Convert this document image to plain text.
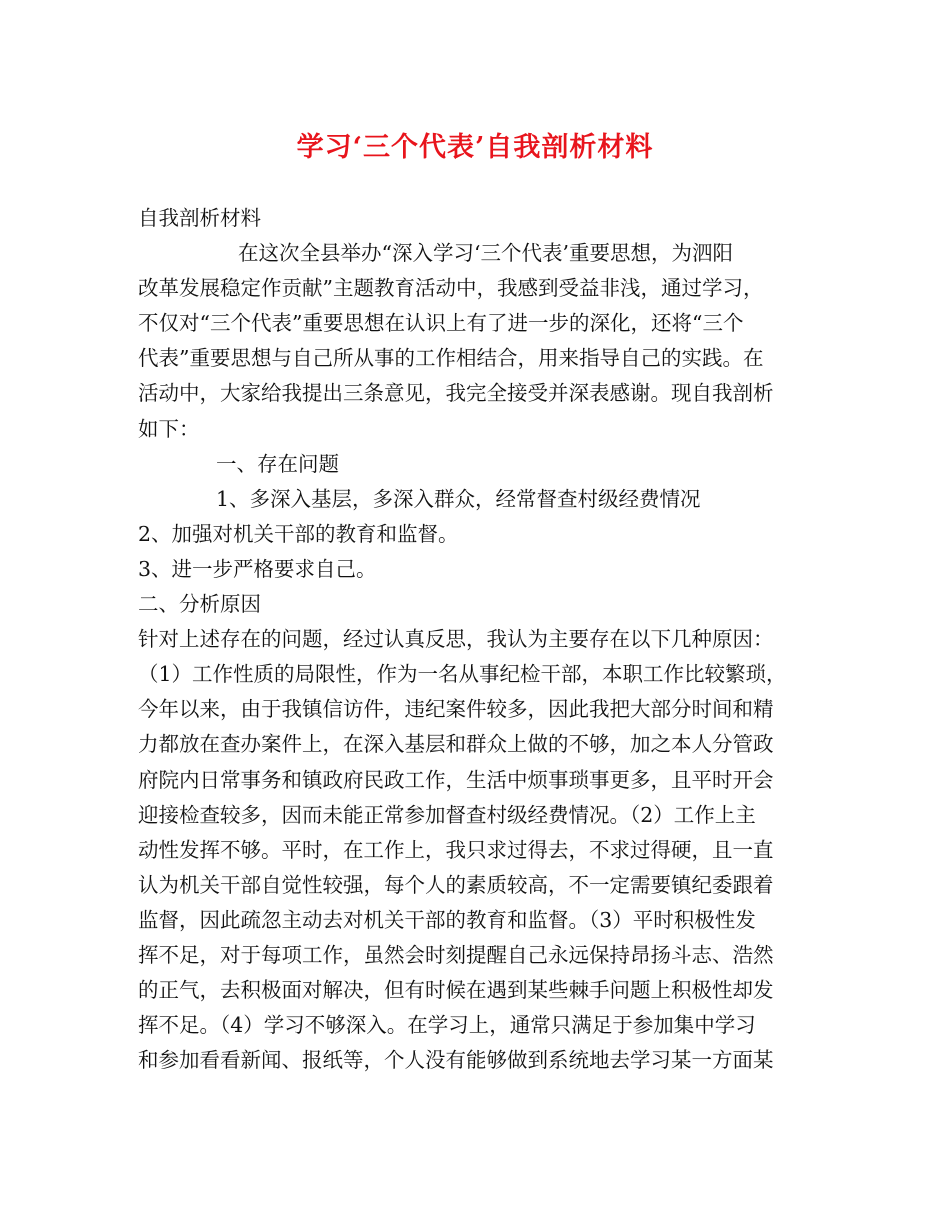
学习‘三个代表’自我剖析材料

自我剖析材料

在这次全县举办“深入学习‘三个代表’重要思想，为泗阳

改革发展稳定作贡献”主题教育活动中，我感到受益非浅，通过学习，

不仅对“三个代表”重要思想在认识上有了进一步的深化，还将“三个

代表”重要思想与自己所从事的工作相结合，用来指导自己的实践。在

活动中，大家给我提出三条意见，我完全接受并深表感谢。现自我剖析

如下：

一、存在问题

1、多深入基层，多深入群众，经常督查村级经费情况

2、加强对机关干部的教育和监督。

3、进一步严格要求自己。

二、分析原因

针对上述存在的问题，经过认真反思，我认为主要存在以下几种原因：

（1）工作性质的局限性，作为一名从事纪检干部，本职工作比较繁琐，

今年以来，由于我镇信访件，违纪案件较多，因此我把大部分时间和精

力都放在查办案件上，在深入基层和群众上做的不够，加之本人分管政

府院内日常事务和镇政府民政工作，生活中烦事琐事更多，且平时开会

迎接检查较多，因而未能正常参加督查村级经费情况。（2）工作上主

动性发挥不够。平时，在工作上，我只求过得去，不求过得硬，且一直

认为机关干部自觉性较强，每个人的素质较高，不一定需要镇纪委跟着

监督，因此疏忽主动去对机关干部的教育和监督。（3）平时积极性发

挥不足，对于每项工作，虽然会时刻提醒自己永远保持昂扬斗志、浩然

的正气，去积极面对解决，但有时候在遇到某些棘手问题上积极性却发

挥不足。（4）学习不够深入。在学习上，通常只满足于参加集中学习

和参加看看新闻、报纸等，个人没有能够做到系统地去学习某一方面某
